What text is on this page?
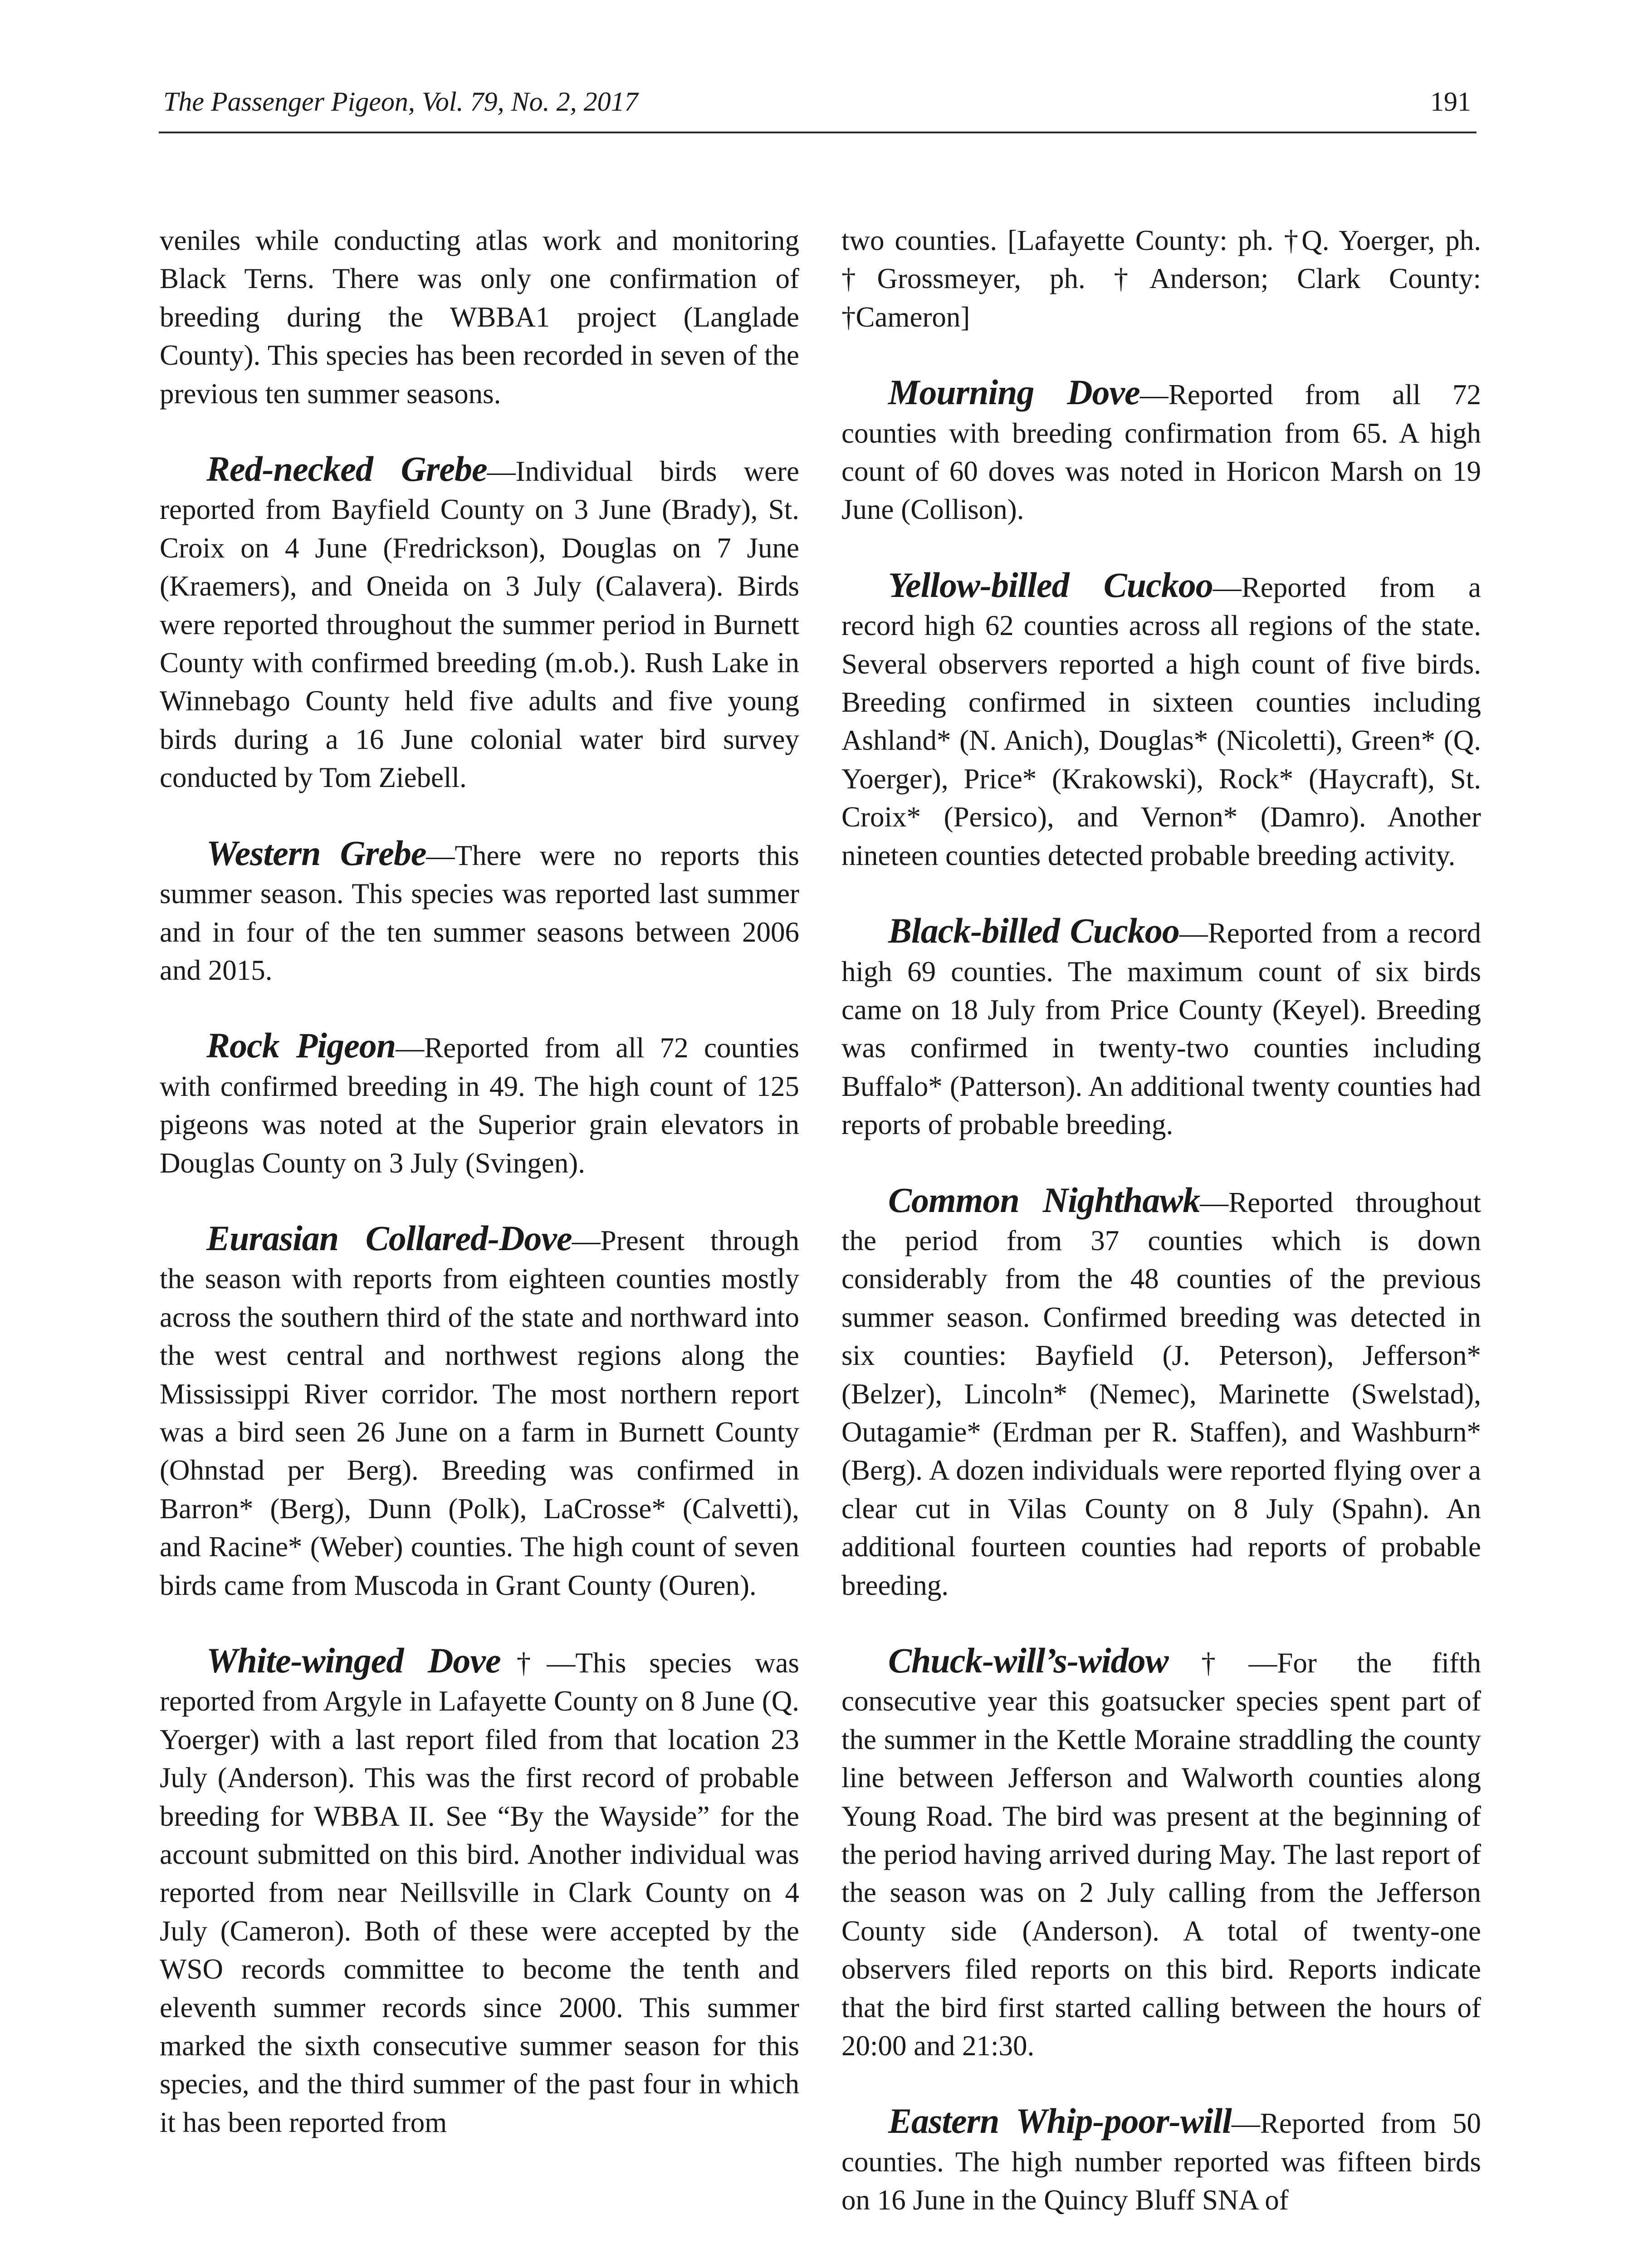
The Passenger Pigeon, Vol. 79, No. 2, 2017	191

veniles while conducting atlas work and monitoring Black Terns. There was only one confirmation of breeding during the WBBA1 project (Langlade County). This species has been recorded in seven of the previous ten summer seasons.

Red-necked Grebe—Individual birds were reported from Bayfield County on 3 June (Brady), St. Croix on 4 June (Fredrickson), Douglas on 7 June (Kraemers), and Oneida on 3 July (Calavera). Birds were reported throughout the summer period in Burnett County with confirmed breeding (m.ob.). Rush Lake in Winnebago County held five adults and five young birds during a 16 June colonial water bird survey conducted by Tom Ziebell.

Western Grebe—There were no reports this summer season. This species was reported last summer and in four of the ten summer seasons between 2006 and 2015.

Rock Pigeon—Reported from all 72 counties with confirmed breeding in 49. The high count of 125 pigeons was noted at the Superior grain elevators in Douglas County on 3 July (Svingen).

Eurasian Collared-Dove—Present through the season with reports from eighteen counties mostly across the southern third of the state and northward into the west central and northwest regions along the Mississippi River corridor. The most northern report was a bird seen 26 June on a farm in Burnett County (Ohnstad per Berg). Breeding was confirmed in Barron* (Berg), Dunn (Polk), LaCrosse* (Calvetti), and Racine* (Weber) counties. The high count of seven birds came from Muscoda in Grant County (Ouren).

White-winged Dove†—This species was reported from Argyle in Lafayette County on 8 June (Q. Yoerger) with a last report filed from that location 23 July (Anderson). This was the first record of probable breeding for WBBA II. See “By the Wayside” for the account submitted on this bird. Another individual was reported from near Neillsville in Clark County on 4 July (Cameron). Both of these were accepted by the WSO records committee to become the tenth and eleventh summer records since 2000. This summer marked the sixth consecutive summer season for this species, and the third summer of the past four in which it has been reported from

two counties. [Lafayette County: ph. †Q. Yoerger, ph. †Grossmeyer, ph. †Anderson; Clark County: †Cameron]

Mourning Dove—Reported from all 72 counties with breeding confirmation from 65. A high count of 60 doves was noted in Horicon Marsh on 19 June (Collison).

Yellow-billed Cuckoo—Reported from a record high 62 counties across all regions of the state. Several observers reported a high count of five birds. Breeding confirmed in sixteen counties including Ashland* (N. Anich), Douglas* (Nicoletti), Green* (Q. Yoerger), Price* (Krakowski), Rock* (Haycraft), St. Croix* (Persico), and Vernon* (Damro). Another nineteen counties detected probable breeding activity.

Black-billed Cuckoo—Reported from a record high 69 counties. The maximum count of six birds came on 18 July from Price County (Keyel). Breeding was confirmed in twenty-two counties including Buffalo* (Patterson). An additional twenty counties had reports of probable breeding.

Common Nighthawk—Reported throughout the period from 37 counties which is down considerably from the 48 counties of the previous summer season. Confirmed breeding was detected in six counties: Bayfield (J. Peterson), Jefferson* (Belzer), Lincoln* (Nemec), Marinette (Swelstad), Outagamie* (Erdman per R. Staffen), and Washburn* (Berg). A dozen individuals were reported flying over a clear cut in Vilas County on 8 July (Spahn). An additional fourteen counties had reports of probable breeding.

Chuck-will’s-widow†—For the fifth consecutive year this goatsucker species spent part of the summer in the Kettle Moraine straddling the county line between Jefferson and Walworth counties along Young Road. The bird was present at the beginning of the period having arrived during May. The last report of the season was on 2 July calling from the Jefferson County side (Anderson). A total of twenty-one observers filed reports on this bird. Reports indicate that the bird first started calling between the hours of 20:00 and 21:30.

Eastern Whip-poor-will—Reported from 50 counties. The high number reported was fifteen birds on 16 June in the Quincy Bluff SNA of
